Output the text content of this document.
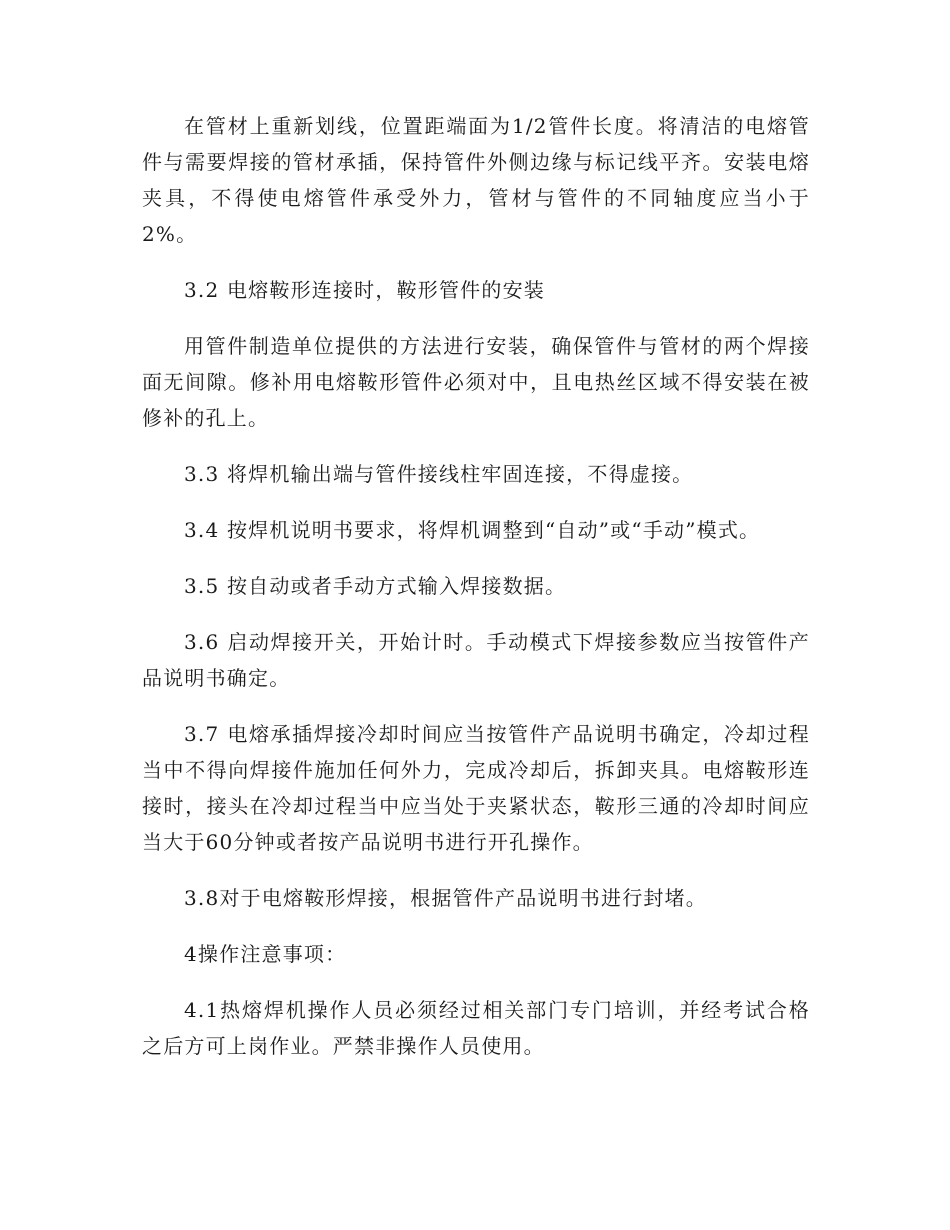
在管材上重新划线，位置距端面为1/2管件长度。将清洁的电熔管件与需要焊接的管材承插，保持管件外侧边缘与标记线平齐。安装电熔夹具，不得使电熔管件承受外力，管材与管件的不同轴度应当小于2%。

3.2 电熔鞍形连接时，鞍形管件的安装

用管件制造单位提供的方法进行安装，确保管件与管材的两个焊接面无间隙。修补用电熔鞍形管件必须对中，且电热丝区域不得安装在被修补的孔上。

3.3 将焊机输出端与管件接线柱牢固连接，不得虚接。

3.4 按焊机说明书要求，将焊机调整到“自动”或“手动”模式。

3.5 按自动或者手动方式输入焊接数据。

3.6 启动焊接开关，开始计时。手动模式下焊接参数应当按管件产品说明书确定。

3.7 电熔承插焊接冷却时间应当按管件产品说明书确定，冷却过程当中不得向焊接件施加任何外力，完成冷却后，拆卸夹具。电熔鞍形连接时，接头在冷却过程当中应当处于夹紧状态，鞍形三通的冷却时间应当大于60分钟或者按产品说明书进行开孔操作。

3.8对于电熔鞍形焊接，根据管件产品说明书进行封堵。

4操作注意事项：

4.1热熔焊机操作人员必须经过相关部门专门培训，并经考试合格之后方可上岗作业。严禁非操作人员使用。
